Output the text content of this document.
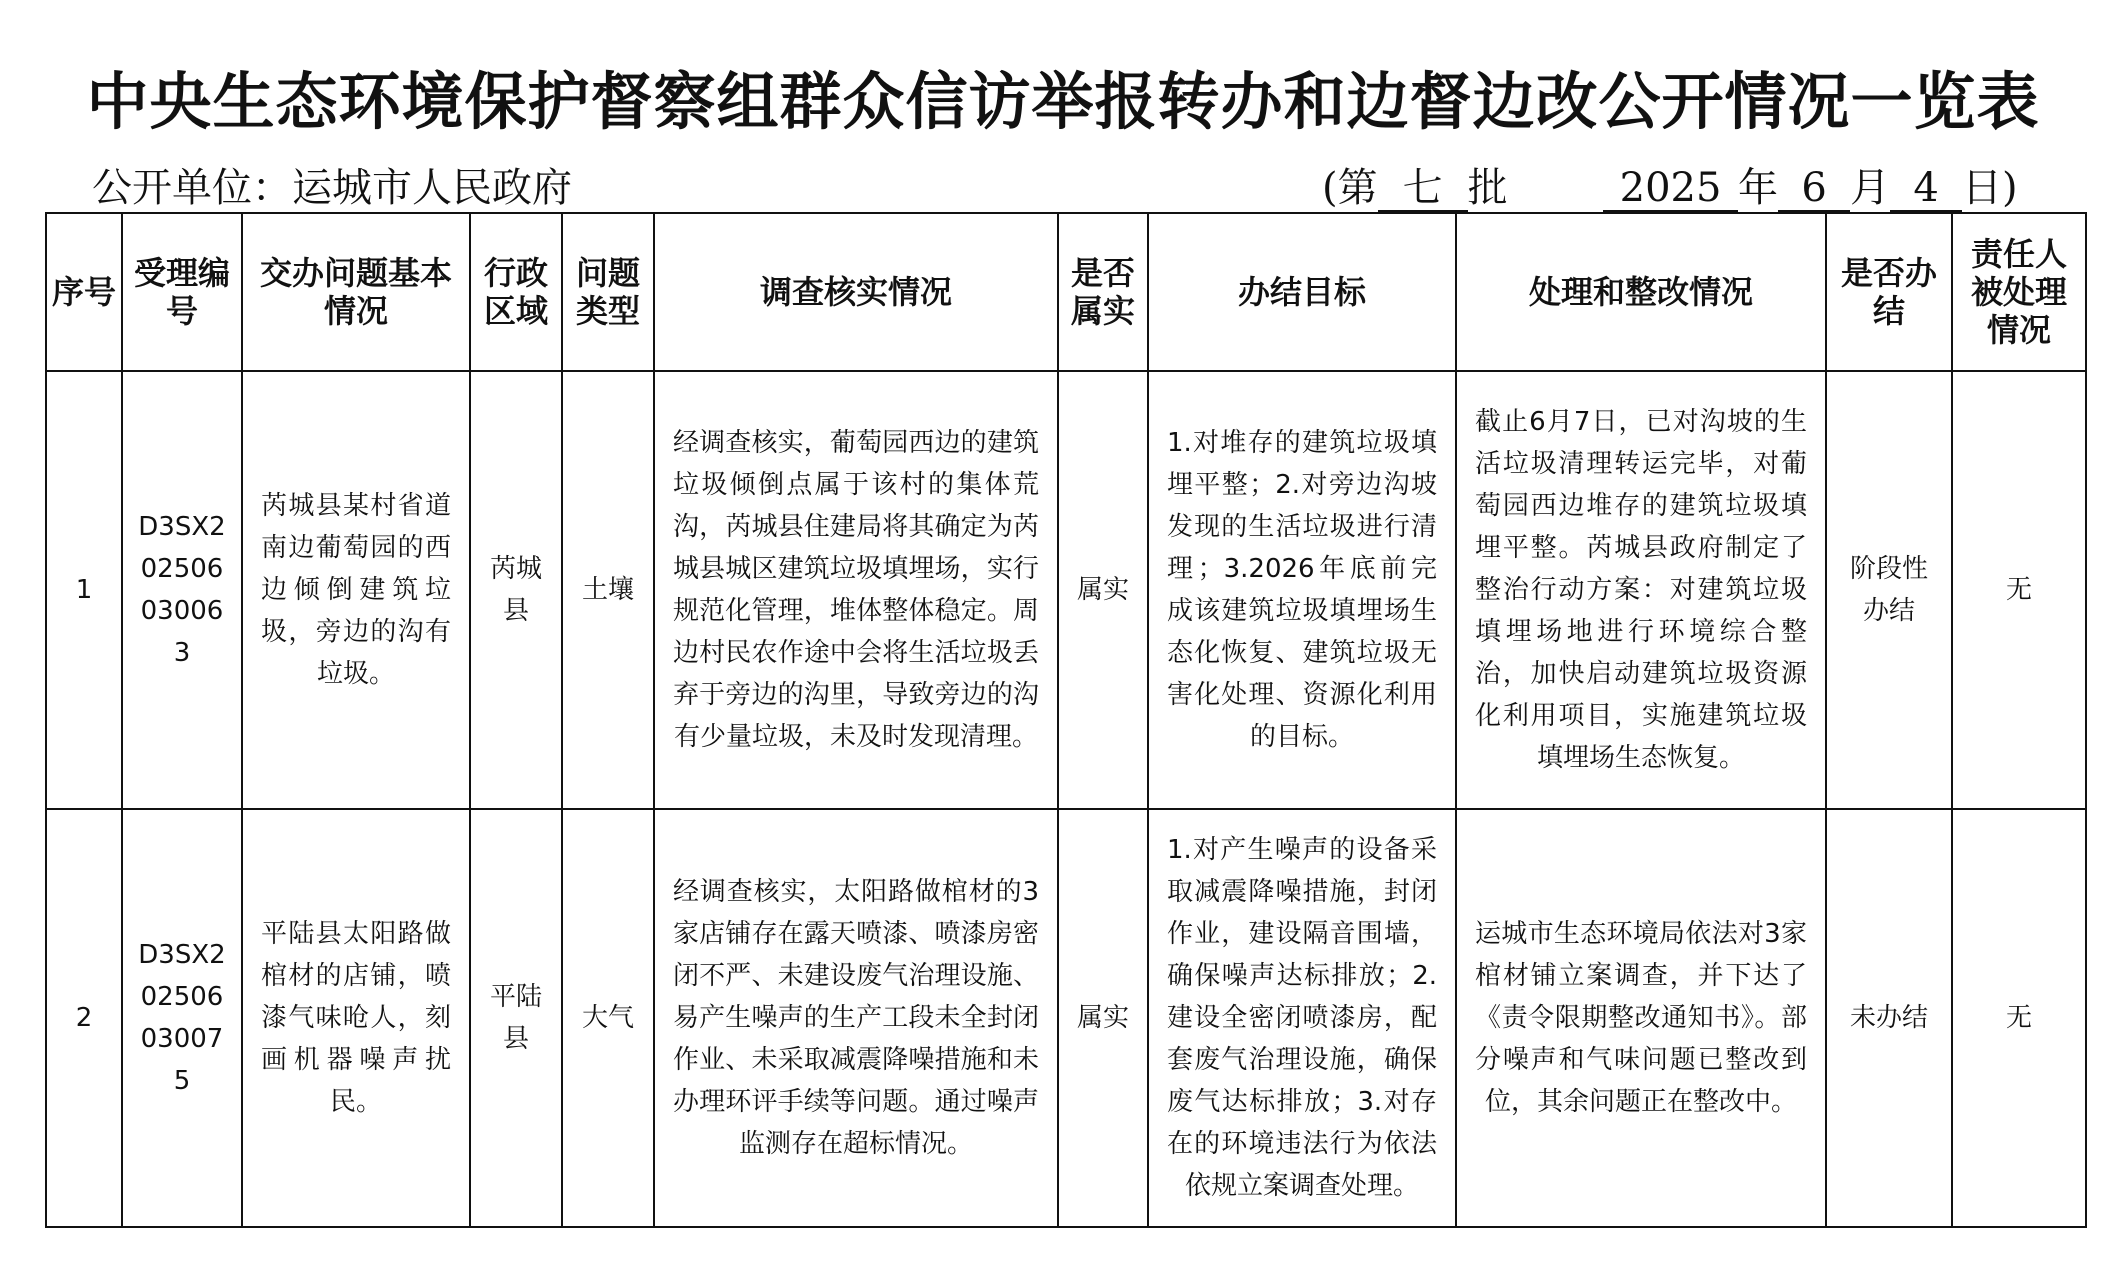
中央生态环境保护督察组群众信访举报转办和边督边改公开情况一览表
公开单位：运城市人民政府	(第 七 批	2025 年 6 月 4 日)
序号	受理编号	交办问题基本情况	行政区域	问题类型	调查核实情况	是否属实	办结目标	处理和整改情况	是否办结	责任人被处理情况
1	D3SX202506030063	芮城县某村省道南边葡萄园的西边倾倒建筑垃圾，旁边的沟有垃圾。	芮城县	土壤	经调查核实，葡萄园西边的建筑垃圾倾倒点属于该村的集体荒沟，芮城县住建局将其确定为芮城县城区建筑垃圾填埋场，实行规范化管理，堆体整体稳定。周边村民农作途中会将生活垃圾丢弃于旁边的沟里，导致旁边的沟有少量垃圾，未及时发现清理。	属实	1.对堆存的建筑垃圾填埋平整；2.对旁边沟坡发现的生活垃圾进行清理；3.2026年底前完成该建筑垃圾填埋场生态化恢复、建筑垃圾无害化处理、资源化利用的目标。	截止6月7日，已对沟坡的生活垃圾清理转运完毕，对葡萄园西边堆存的建筑垃圾填埋平整。芮城县政府制定了整治行动方案：对建筑垃圾填埋场地进行环境综合整治，加快启动建筑垃圾资源化利用项目，实施建筑垃圾填埋场生态恢复。	阶段性办结	无
2	D3SX202506030075	平陆县太阳路做棺材的店铺，喷漆气味呛人，刻画机器噪声扰民。	平陆县	大气	经调查核实，太阳路做棺材的3家店铺存在露天喷漆、喷漆房密闭不严、未建设废气治理设施、易产生噪声的生产工段未全封闭作业、未采取减震降噪措施和未办理环评手续等问题。通过噪声监测存在超标情况。	属实	1.对产生噪声的设备采取减震降噪措施，封闭作业，建设隔音围墙，确保噪声达标排放；2.建设全密闭喷漆房，配套废气治理设施，确保废气达标排放；3.对存在的环境违法行为依法依规立案调查处理。	运城市生态环境局依法对3家棺材铺立案调查，并下达了《责令限期整改通知书》。部分噪声和气味问题已整改到位，其余问题正在整改中。	未办结	无
